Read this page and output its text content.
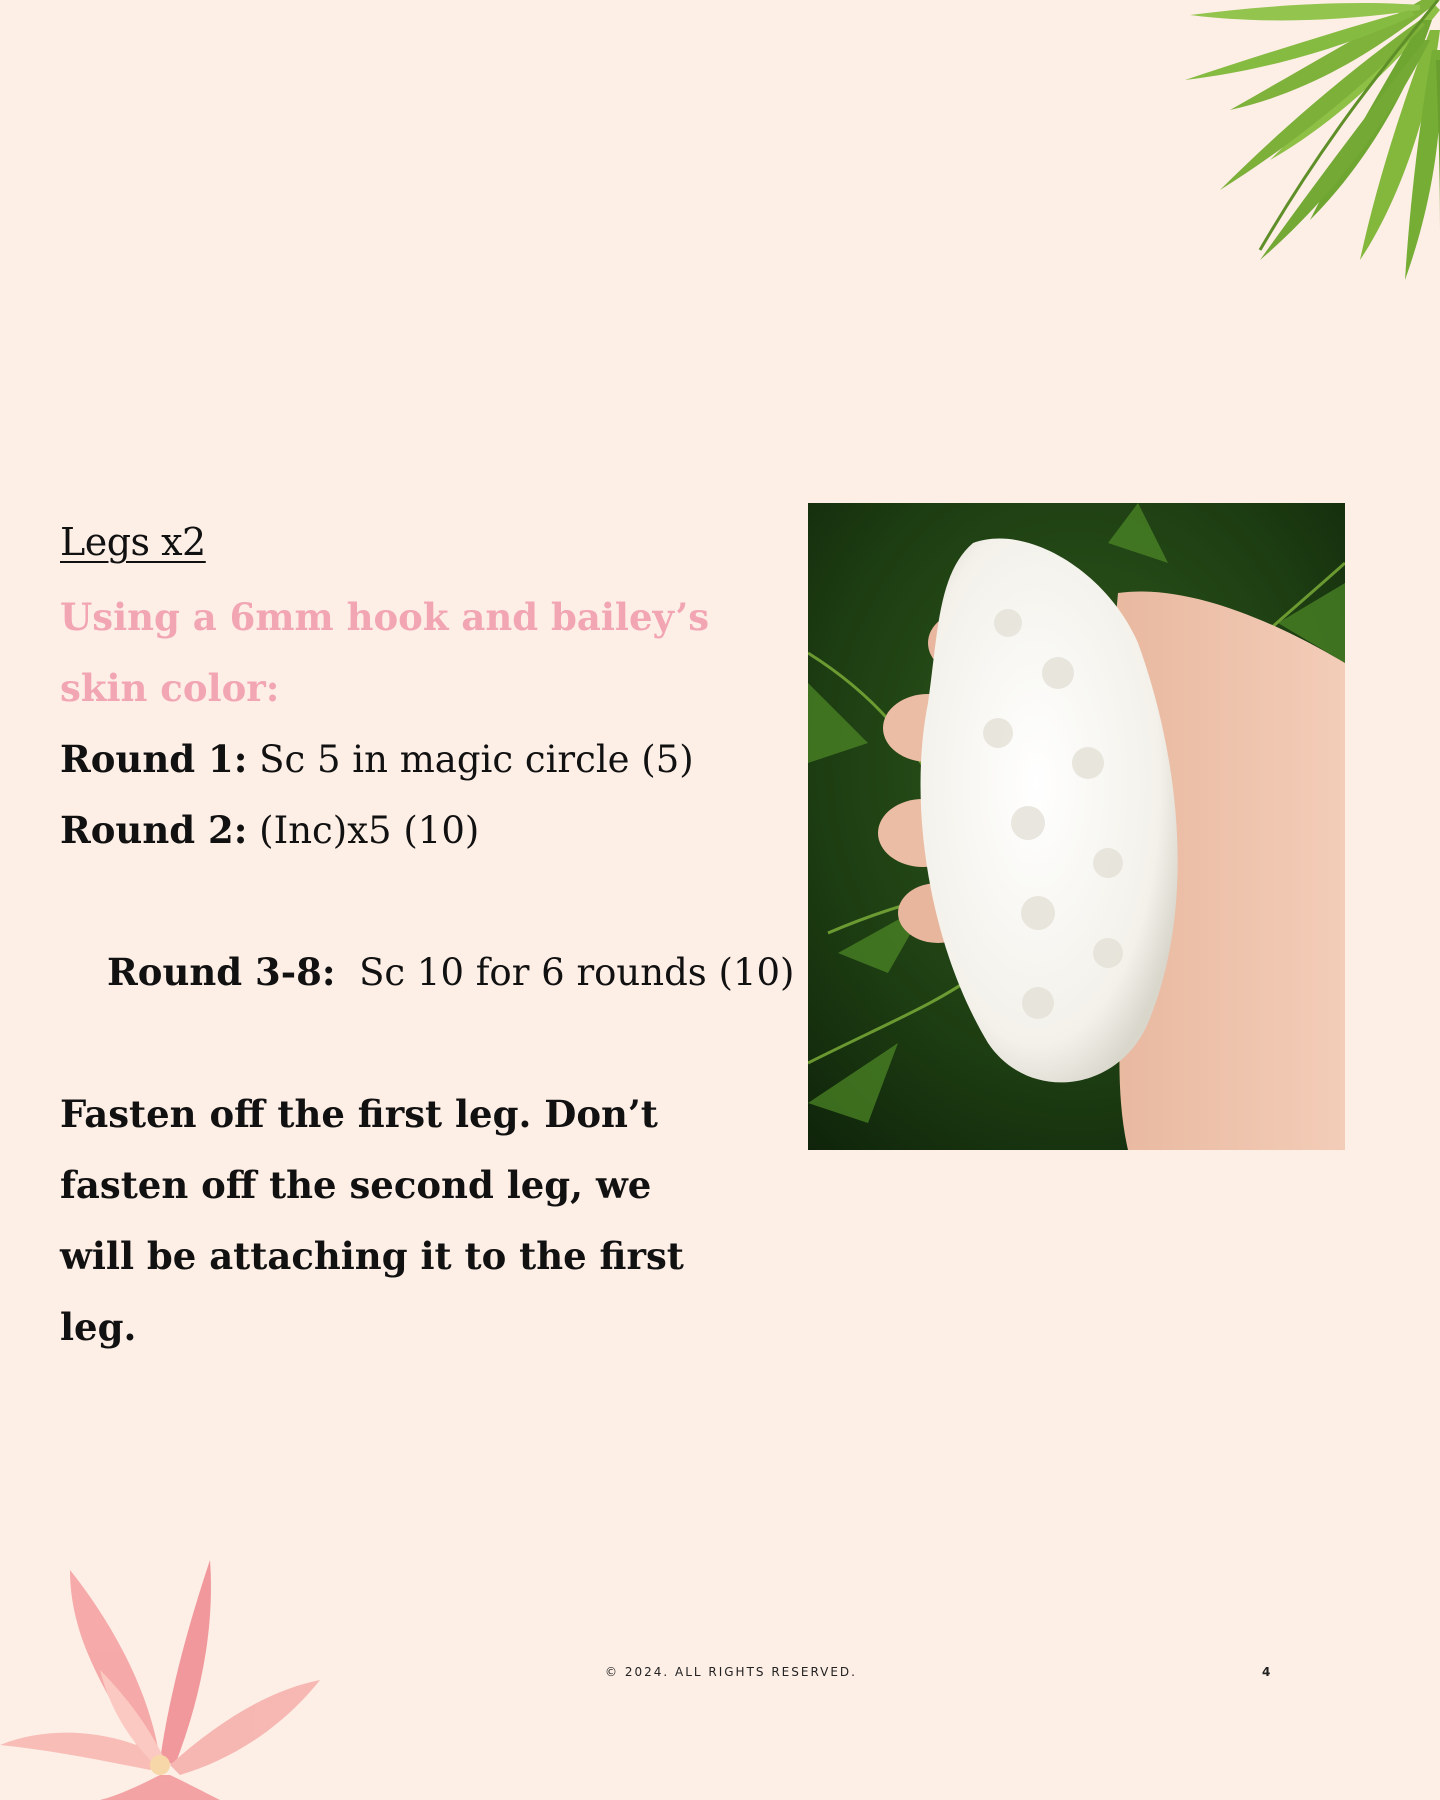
Legs x2

Using a 6mm hook and bailey’s skin color:

Round 1: Sc 5 in magic circle (5)

Round 2: (Inc)x5 (10)

Round 3-8:  Sc 10 for 6 rounds (10)

Fasten off the first leg. Don’t fasten off the second leg, we will be attaching it to the first leg.

© 2024. ALL RIGHTS RESERVED.	4
